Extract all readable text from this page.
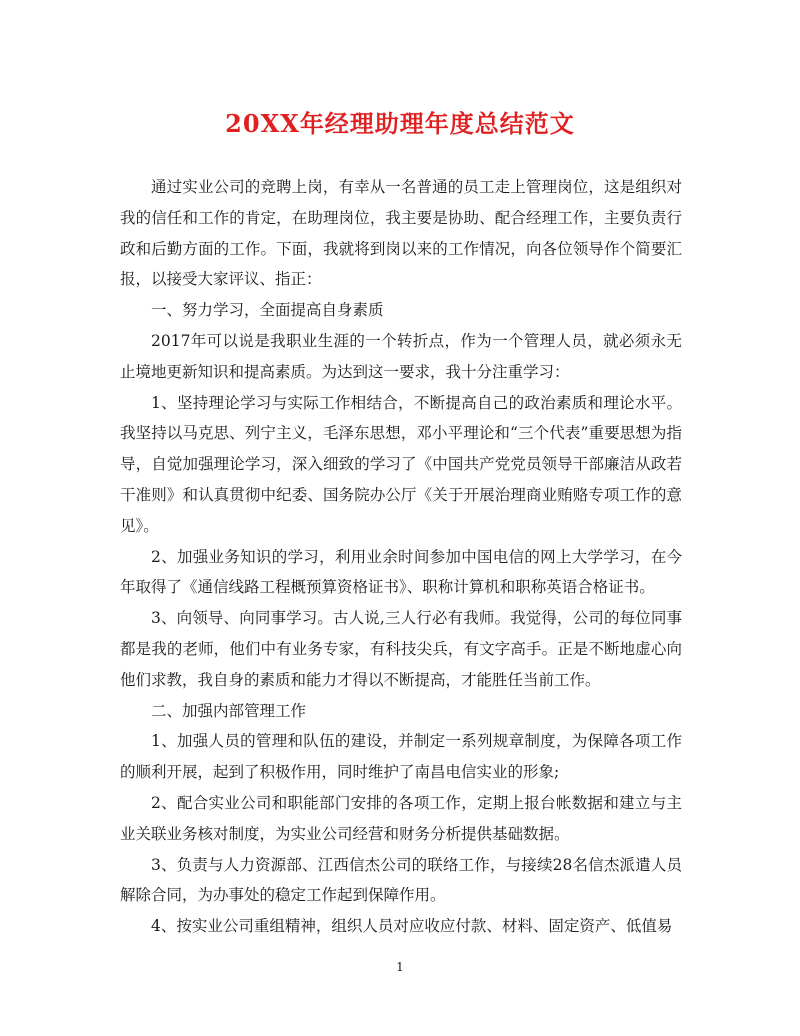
20XX年经理助理年度总结范文

通过实业公司的竞聘上岗，有幸从一名普通的员工走上管理岗位，这是组织对我的信任和工作的肯定，在助理岗位，我主要是协助、配合经理工作，主要负责行政和后勤方面的工作。下面，我就将到岗以来的工作情况，向各位领导作个简要汇报，以接受大家评议、指正：

一、努力学习，全面提高自身素质

2017年可以说是我职业生涯的一个转折点，作为一个管理人员，就必须永无止境地更新知识和提高素质。为达到这一要求，我十分注重学习：

1、坚持理论学习与实际工作相结合，不断提高自己的政治素质和理论水平。我坚持以马克思、列宁主义，毛泽东思想，邓小平理论和“三个代表”重要思想为指导，自觉加强理论学习，深入细致的学习了《中国共产党党员领导干部廉洁从政若干准则》和认真贯彻中纪委、国务院办公厅《关于开展治理商业贿赂专项工作的意见》。

2、加强业务知识的学习，利用业余时间参加中国电信的网上大学学习，在今年取得了《通信线路工程概预算资格证书》、职称计算机和职称英语合格证书。

3、向领导、向同事学习。古人说,三人行必有我师。我觉得，公司的每位同事都是我的老师，他们中有业务专家，有科技尖兵，有文字高手。正是不断地虚心向他们求教，我自身的素质和能力才得以不断提高，才能胜任当前工作。

二、加强内部管理工作

1、加强人员的管理和队伍的建设，并制定一系列规章制度，为保障各项工作的顺利开展，起到了积极作用，同时维护了南昌电信实业的形象;

2、配合实业公司和职能部门安排的各项工作，定期上报台帐数据和建立与主业关联业务核对制度，为实业公司经营和财务分析提供基础数据。

3、负责与人力资源部、江西信杰公司的联络工作，与接续28名信杰派遣人员解除合同，为办事处的稳定工作起到保障作用。

4、按实业公司重组精神，组织人员对应收应付款、材料、固定资产、低值易

1
